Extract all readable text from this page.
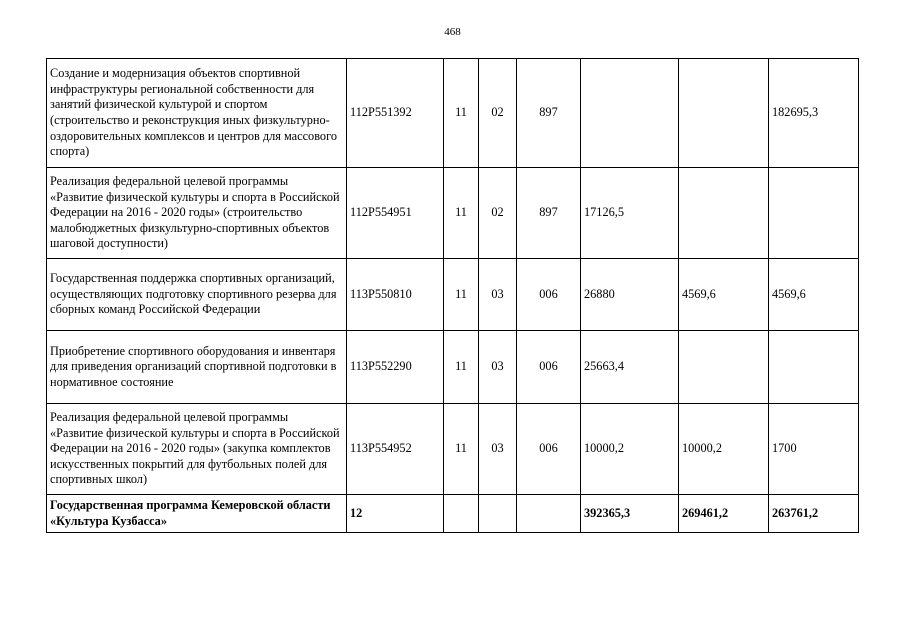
468
Создание и модернизация объектов спортивной инфраструктуры региональной собственности для занятий физической культурой и спортом (строительство и реконструкция иных физкультурно-оздоровительных комплексов и центров для массового спорта)	112P551392	11	02	897			182695,3
Реализация федеральной целевой программы «Развитие физической культуры и спорта в Российской Федерации на 2016 - 2020 годы» (строительство малобюджетных физкультурно-спортивных объектов шаговой доступности)	112P554951	11	02	897	17126,5		
Государственная поддержка спортивных организаций, осуществляющих подготовку спортивного резерва для сборных команд Российской Федерации	113P550810	11	03	006	26880	4569,6	4569,6
Приобретение спортивного оборудования и инвентаря для приведения организаций спортивной подготовки в нормативное состояние	113P552290	11	03	006	25663,4		
Реализация федеральной целевой программы «Развитие физической культуры и спорта в Российской Федерации на 2016 - 2020 годы» (закупка комплектов искусственных покрытий для футбольных полей для спортивных школ)	113P554952	11	03	006	10000,2	10000,2	1700
Государственная программа Кемеровской области «Культура Кузбасса»	12				392365,3	269461,2	263761,2
